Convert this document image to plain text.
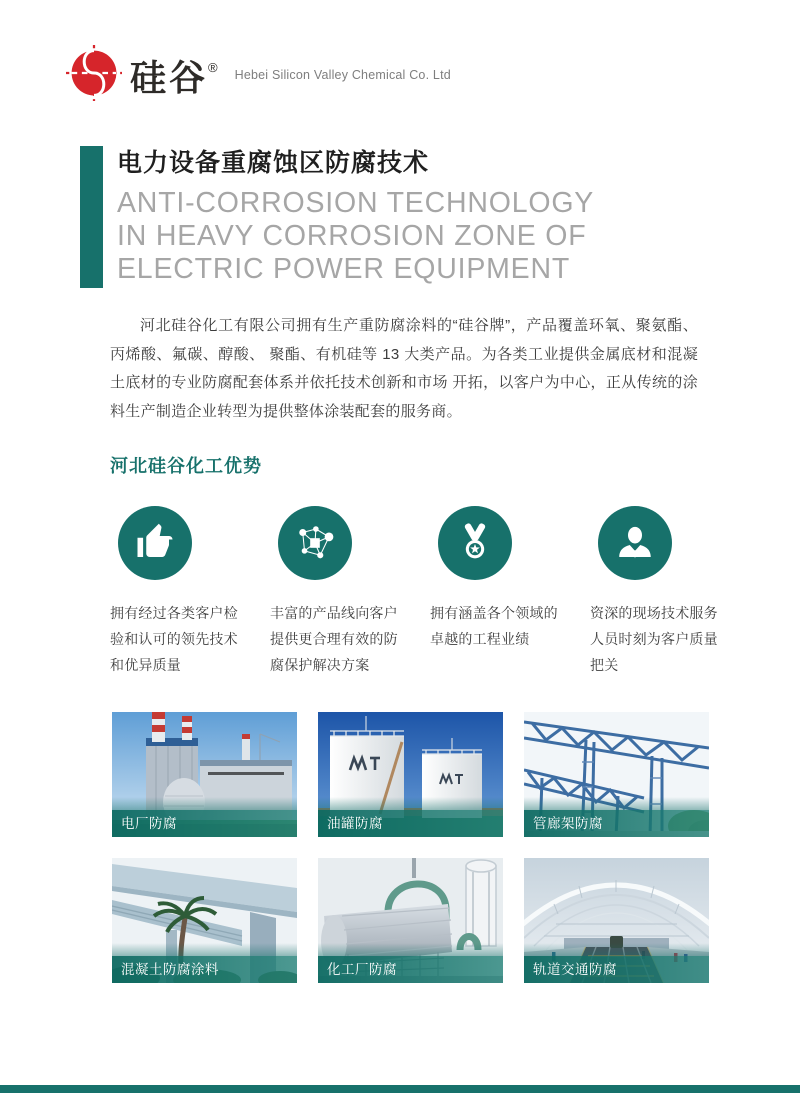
硅谷® Hebei Silicon Valley Chemical Co. Ltd
电力设备重腐蚀区防腐技术
ANTI-CORROSION TECHNOLOGY
IN HEAVY CORROSION ZONE OF
ELECTRIC POWER EQUIPMENT

河北硅谷化工有限公司拥有生产重防腐涂料的“硅谷牌”，产品覆盖环氧、聚氨酯、丙烯酸、氟碳、醇酸、 聚酯、有机硅等 13 大类产品。为各类工业提供金属底材和混凝土底材的专业防腐配套体系并依托技术创新和市场 开拓，以客户为中心，正从传统的涂料生产制造企业转型为提供整体涂装配套的服务商。

河北硅谷化工优势
拥有经过各类客户检验和认可的领先技术和优异质量
丰富的产品线向客户提供更合理有效的防腐保护解决方案
拥有涵盖各个领域的卓越的工程业绩
资深的现场技术服务人员时刻为客户质量把关
电厂防腐	油罐防腐	管廊架防腐
混凝土防腐涂料	化工厂防腐	轨道交通防腐
